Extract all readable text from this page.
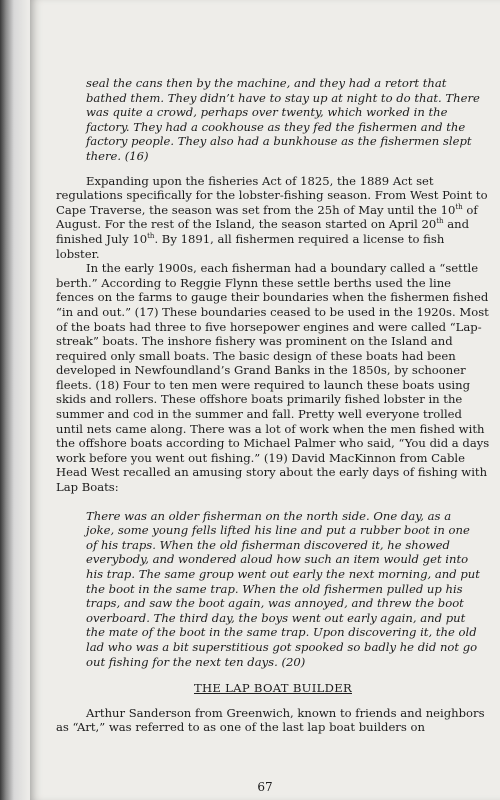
seal the cans then by the machine, and they had a retort that bathed them. They didn’t have to stay up at night to do that. There was quite a crowd, perhaps over twenty, which worked in the factory. They had a cookhouse as they fed the fishermen and the factory people. They also had a bunkhouse as the fishermen slept there. (16)

Expanding upon the fisheries Act of 1825, the 1889 Act set regulations specifically for the lobster-fishing season. From West Point to Cape Traverse, the season was set from the 25h of May until the 10th of August. For the rest of the Island, the season started on April 20th and finished July 10th. By 1891, all fishermen required a license to fish lobster.

In the early 1900s, each fisherman had a boundary called a “settle berth.” According to Reggie Flynn these settle berths used the line fences on the farms to gauge their boundaries when the fishermen fished “in and out.” (17) These boundaries ceased to be used in the 1920s. Most of the boats had three to five horsepower engines and were called “Lap-streak” boats. The inshore fishery was prominent on the Island and required only small boats. The basic design of these boats had been developed in Newfoundland’s Grand Banks in the 1850s, by schooner fleets. (18) Four to ten men were required to launch these boats using skids and rollers. These offshore boats primarily fished lobster in the summer and cod in the summer and fall. Pretty well everyone trolled until nets came along. There was a lot of work when the men fished with the offshore boats according to Michael Palmer who said, “You did a days work before you went out fishing.” (19) David MacKinnon from Cable Head West recalled an amusing story about the early days of fishing with Lap Boats:

There was an older fisherman on the north side. One day, as a joke, some young fells lifted his line and put a rubber boot in one of his traps. When the old fisherman discovered it, he showed everybody, and wondered aloud how such an item would get into his trap. The same group went out early the next morning, and put the boot in the same trap. When the old fishermen pulled up his traps, and saw the boot again, was annoyed, and threw the boot overboard. The third day, the boys went out early again, and put the mate of the boot in the same trap. Upon discovering it, the old lad who was a bit superstitious got spooked so badly he did not go out fishing for the next ten days. (20)

THE LAP BOAT BUILDER

Arthur Sanderson from Greenwich, known to friends and neighbors as “Art,” was referred to as one of the last lap boat builders on

67
